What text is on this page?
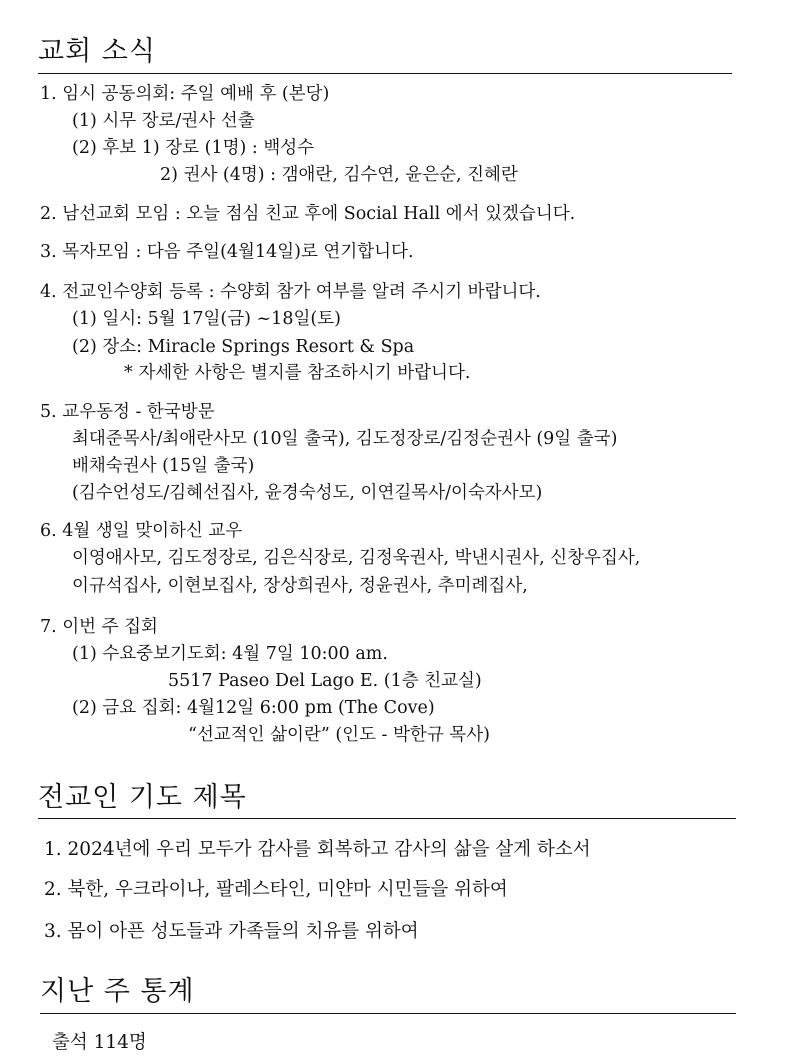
교회 소식
1. 임시 공동의회: 주일 예배 후 (본당)
(1) 시무 장로/권사 선출
(2) 후보 1) 장로 (1명) : 백성수
2) 권사 (4명) : 갬애란, 김수연, 윤은순, 진혜란
2. 남선교회 모임 : 오늘 점심 친교 후에 Social Hall 에서 있겠습니다.
3. 목자모임 : 다음 주일(4월14일)로 연기합니다.
4. 전교인수양회 등록 : 수양회 참가 여부를 알려 주시기 바랍니다.
(1) 일시: 5월 17일(금) ~18일(토)
(2) 장소: Miracle Springs Resort & Spa
* 자세한 사항은 별지를 참조하시기 바랍니다.
5. 교우동정 - 한국방문
최대준목사/최애란사모 (10일 출국), 김도정장로/김정순권사 (9일 출국)
배채숙권사 (15일 출국)
(김수언성도/김혜선집사, 윤경숙성도, 이연길목사/이숙자사모)
6. 4월 생일 맞이하신 교우
이영애사모, 김도정장로, 김은식장로, 김정욱권사, 박낸시권사, 신창우집사,
이규석집사, 이현보집사, 장상희권사, 정윤권사, 추미례집사,
7. 이번 주 집회
(1) 수요중보기도회: 4월 7일 10:00 am.
5517 Paseo Del Lago E. (1층 친교실)
(2) 금요 집회: 4월12일 6:00 pm (The Cove)
“선교적인 삶이란” (인도 - 박한규 목사)
전교인 기도 제목
1. 2024년에 우리 모두가 감사를 회복하고 감사의 삶을 살게 하소서
2. 북한, 우크라이나, 팔레스타인, 미얀마 시민들을 위하여
3. 몸이 아픈 성도들과 가족들의 치유를 위하여
지난 주 통계
출석 114명
